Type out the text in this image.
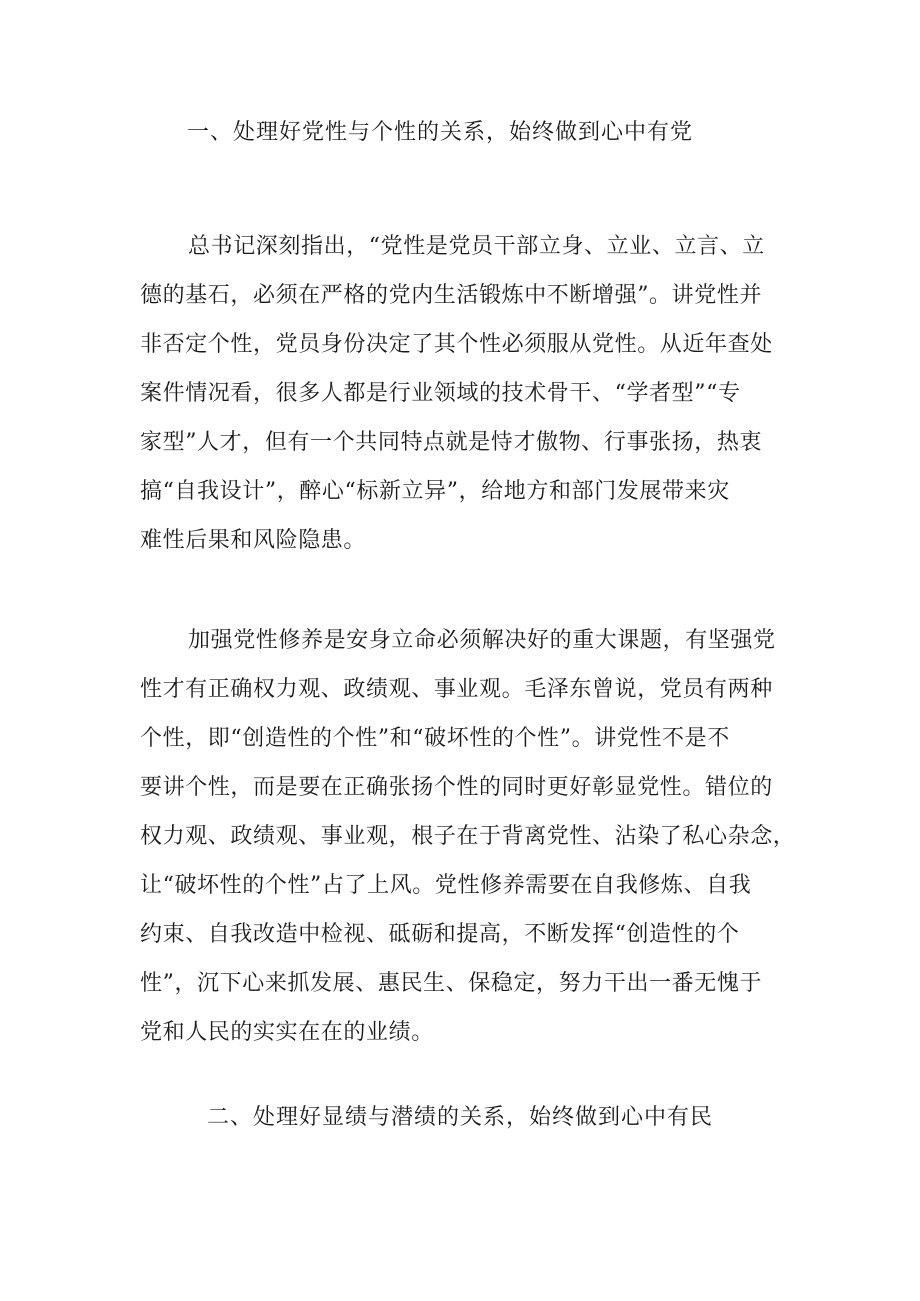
一、处理好党性与个性的关系，始终做到心中有党
总书记深刻指出，“党性是党员干部立身、立业、立言、立
德的基石，必须在严格的党内生活锻炼中不断增强”。讲党性并
非否定个性，党员身份决定了其个性必须服从党性。从近年查处
案件情况看，很多人都是行业领域的技术骨干、“学者型”“专
家型”人才，但有一个共同特点就是恃才傲物、行事张扬，热衷
搞“自我设计”，醉心“标新立异”，给地方和部门发展带来灾
难性后果和风险隐患。
加强党性修养是安身立命必须解决好的重大课题，有坚强党
性才有正确权力观、政绩观、事业观。毛泽东曾说，党员有两种
个性，即“创造性的个性”和“破坏性的个性”。讲党性不是不
要讲个性，而是要在正确张扬个性的同时更好彰显党性。错位的
权力观、政绩观、事业观，根子在于背离党性、沾染了私心杂念，
让“破坏性的个性”占了上风。党性修养需要在自我修炼、自我
约束、自我改造中检视、砥砺和提高，不断发挥“创造性的个
性”，沉下心来抓发展、惠民生、保稳定，努力干出一番无愧于
党和人民的实实在在的业绩。
二、处理好显绩与潜绩的关系，始终做到心中有民
